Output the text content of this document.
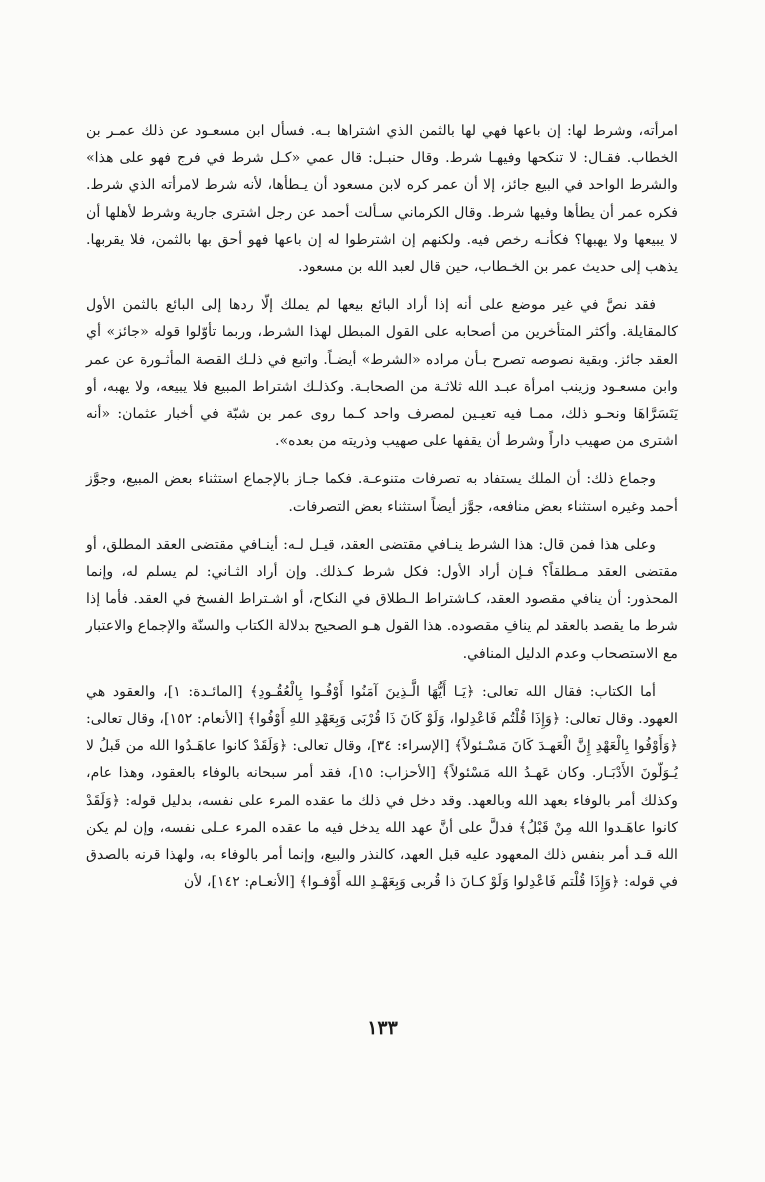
امرأته، وشرط لها: إن باعها فهي لها بالثمن الذي اشتراها بـه. فسأل ابن مسعـود عن ذلك عمـر بن الخطاب. فقـال: لا تنكحها وفيهـا شرط. وقال حنبـل: قال عمي «كـل شرط في فرج فهو على هذا» والشرط الواحد في البيع جائز، إلا أن عمر كره لابن مسعود أن يـطأها، لأنه شرط لامرأته الذي شرط. فكره عمر أن يطأها وفيها شرط. وقال الكرماني سـألت أحمد عن رجل اشترى جارية وشرط لأهلها أن لا يبيعها ولا يهبها؟ فكأنـه رخص فيه. ولكنهم إن اشترطوا له إن باعها فهو أحق بها بالثمن، فلا يقربها. يذهب إلى حديث عمر بن الخـطاب، حين قال لعبد الله بن مسعود.

فقد نصَّ في غير موضع على أنه إذا أراد البائع بيعها لم يملك إلّا ردها إلى البائع بالثمن الأول كالمقايلة. وأكثر المتأخرين من أصحابه على القول المبطل لهذا الشرط، وربما تأوّلوا قوله «جائز» أي العقد جائز. وبقية نصوصه تصرح بـأن مراده «الشرط» أيضـاً. واتبع في ذلـك القصة المأثـورة عن عمر وابن مسعـود وزينب امرأة عبـد الله ثلاثـة من الصحابـة. وكذلـك اشتراط المبيع فلا يبيعه، ولا يهبه، أو يَتَسَرَّاهَا ونحـو ذلك، ممـا فيه تعيـين لمصرف واحد كـما روى عمر بن شبّة في أخبار عثمان: «أنه اشترى من صهيب داراً وشرط أن يقفها على صهيب وذريته من بعده».

وجماع ذلك: أن الملك يستفاد به تصرفات متنوعـة. فكما جـاز بالإجماع استثناء بعض المبيع، وجوَّز أحمد وغيره استثناء بعض منافعه، جوَّز أيضاً استثناء بعض التصرفات.

وعلى هذا فمن قال: هذا الشرط ينـافي مقتضى العقد، قيـل لـه: أينـافي مقتضى العقد المطلق، أو مقتضى العقد مـطلقاً؟ فـإن أراد الأول: فكل شرط كـذلك. وإن أراد الثـاني: لم يسلم له، وإنما المحذور: أن ينافي مقصود العقد، كـاشتراط الـطلاق في النكاح، أو اشـتراط الفسخ في العقد. فأما إذا شرط ما يقصد بالعقد لم ينافِ مقصوده. هذا القول هـو الصحيح بدلالة الكتاب والسنّة والإجماع والاعتبار مع الاستصحاب وعدم الدليل المنافي.

أما الكتاب: فقال الله تعالى: ﴿يَـا أَيُّهَا الَّـذِينَ آمَنُوا أَوْفُـوا بِالْعُقُـودِ﴾ [المائـدة: ١]، والعقود هي العهود. وقال تعالى: ﴿وَإِذَا قُلْتُم فَاعْدِلوا، وَلَوْ كَانَ ذَا قُرْبَى وَبِعَهْدِ اللهِ أَوْفُوا﴾ [الأنعام: ١٥٢]، وقال تعالى: ﴿وَأَوْفُوا بِالْعَهْدِ إِنَّ الْعَهـدَ كَانَ مَسْـئولاً﴾ [الإسراء: ٣٤]، وقال تعالى: ﴿وَلَقَدْ كانوا عاهَـدُوا الله من قَبلُ لا يُـوَلّونَ الأَدْبَـار. وكان عَهـدُ الله مَسْئولاً﴾ [الأحزاب: ١٥]، فقد أمر سبحانه بالوفاء بالعقود، وهذا عام، وكذلك أمر بالوفاء بعهد الله وبالعهد. وقد دخل في ذلك ما عقده المرء على نفسه، بدليل قوله: ﴿وَلَقَدْ كانوا عاهَـدوا الله مِنْ قَبْلُ﴾ فدلَّ على أنَّ عهد الله يدخل فيه ما عقده المرء عـلى نفسه، وإن لم يكن الله قـد أمر بنفس ذلك المعهود عليه قبل العهد، كالنذر والبيع، وإنما أمر بالوفاء به، ولهذا قرنه بالصدق في قوله: ﴿وَإِذَا قُلْتم فَاعْدِلوا وَلَوْ كـانَ ذا قُربى وَبِعَهْـدِ الله أَوْفـوا﴾ [الأنعـام: ١٤٢]، لأن

١٣٣
